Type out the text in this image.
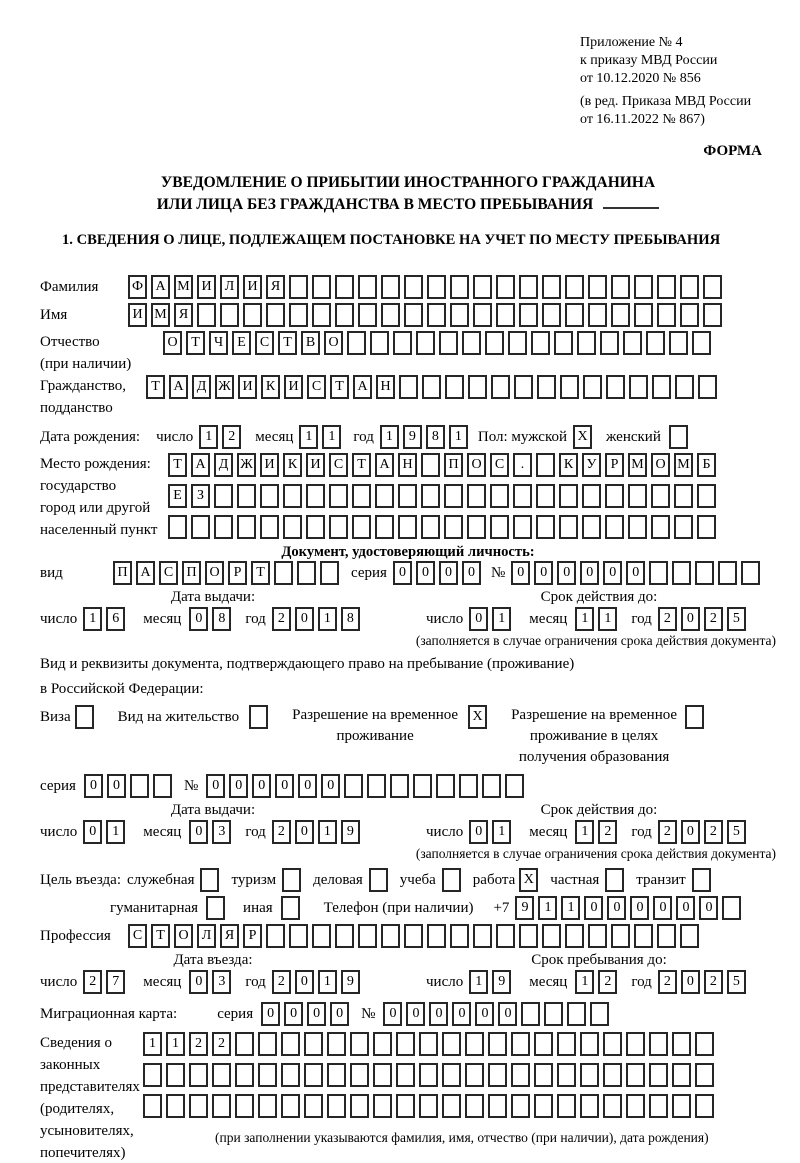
Приложение № 4
к приказу МВД России
от 10.12.2020 № 856
(в ред. Приказа МВД России
от 16.11.2022 № 867)
ФОРМА
УВЕДОМЛЕНИЕ О ПРИБЫТИИ ИНОСТРАННОГО ГРАЖДАНИНА
ИЛИ ЛИЦА БЕЗ ГРАЖДАНСТВА В МЕСТО ПРЕБЫВАНИЯ
1. СВЕДЕНИЯ О ЛИЦЕ, ПОДЛЕЖАЩЕМ ПОСТАНОВКЕ НА УЧЕТ ПО МЕСТУ ПРЕБЫВАНИЯ
Фамилия	Ф А М И Л И Я
Имя	И М Я
Отчество
(при наличии)
О Т	Ч	Е	С	Т	В О
Гражданство,
подданство
Т А Д Ж И К И С	Т А Н
Дата рождения: число 1	2	месяц 1	1	год 1	9	8	1	Пол: мужской X женский
Место рождения:
государство
город или другой
населенный пункт
Т А Д Ж И К И С	Т А Н	П О С	.	К У	Р М О М Б
Е	З
Документ, удостоверяющий личность:
вид	П А С П О	Р	Т	серия 0	0	0	0	№ 0	0	0	0	0	0
Дата выдачи:	Срок действия до:
число 1	6	месяц	0	8	год 2	0	1	8	число 0	1	месяц	1	1	год 2	0	2	5
(заполняется в случае ограничения срока действия документа)
Вид и реквизиты документа, подтверждающего право на пребывание (проживание)
в Российской Федерации:
Виза	Вид на жительство	Разрешение на временное
проживание
X Разрешение на временное
проживание в целях
получения образования
серия	0	0	№	0	0	0	0	0	0
Дата выдачи:	Срок действия до:
число 0	1	месяц	0	3	год 2	0	1	9	число 0	1	месяц	1	2	год 2	0	2	5
(заполняется в случае ограничения срока действия документа)
Цель въезда: служебная туризм деловая учеба работа X частная транзит
гуманитарная	иная	Телефон (при наличии) +7 9	1	1	0	0	0	0	0	0
Профессия	С	Т О Л Я	Р
Дата въезда:	Срок пребывания до:
число 2	7	месяц	0	3	год 2	0	1	9	число 1	9	месяц	1	2	год 2	0	2	5
Миграционная карта:	серия	0	0	0	0	№	0	0	0	0	0	0
Сведения о
законных
представителях
(родителях,
усыновителях,
попечителях)
1	1	2	2
(при заполнении указываются фамилия, имя, отчество (при наличии), дата рождения)
